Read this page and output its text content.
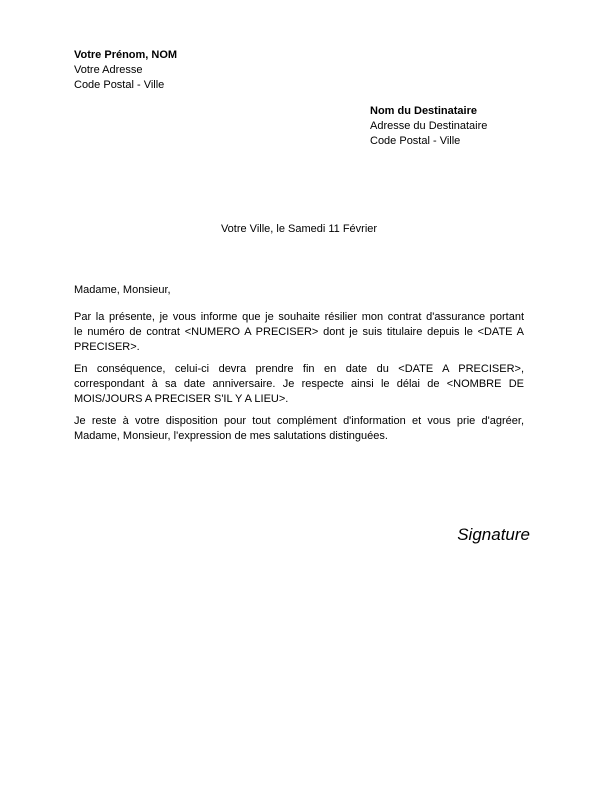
Votre Prénom, NOM
Votre Adresse
Code Postal - Ville
Nom du Destinataire
Adresse du Destinataire
Code Postal - Ville
Votre Ville, le Samedi 11 Février
Madame, Monsieur,
Par la présente, je vous informe que je souhaite résilier mon contrat d'assurance portant
le numéro de contrat <NUMERO A PRECISER> dont je suis titulaire depuis le <DATE A
PRECISER>.
En conséquence, celui-ci devra prendre fin en date du <DATE A PRECISER>,
correspondant à sa date anniversaire. Je respecte ainsi le délai de <NOMBRE DE
MOIS/JOURS A PRECISER S'IL Y A LIEU>.
Je reste à votre disposition pour tout complément d'information et vous prie d'agréer,
Madame, Monsieur, l'expression de mes salutations distinguées.
Signature
